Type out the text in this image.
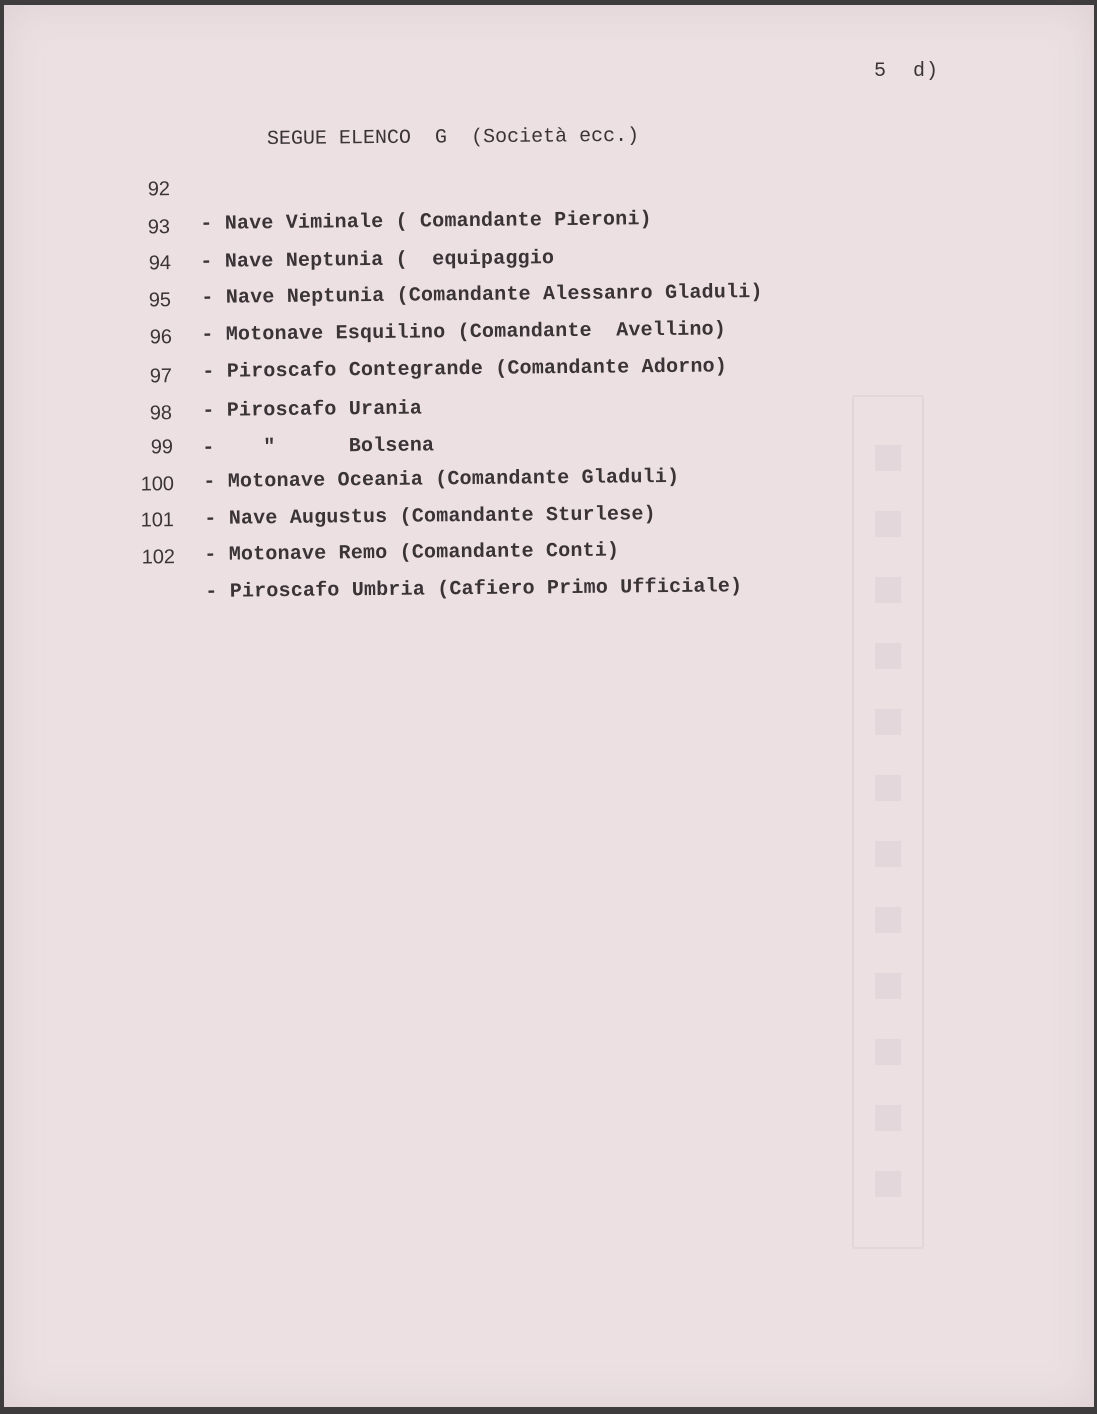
5  d)
SEGUE ELENCO  G  (Società ecc.)

92

- Nave Viminale ( Comandante Pieroni)

93

- Nave Neptunia (  equipaggio

94

- Nave Neptunia (Comandante Alessanro Gladuli)

95

- Motonave Esquilino (Comandante  Avellino)

96

- Piroscafo Contegrande (Comandante Adorno)

97

- Piroscafo Urania

98

-    "      Bolsena

99

- Motonave Oceania (Comandante Gladuli)

100

- Nave Augustus (Comandante Sturlese)

101

- Motonave Remo (Comandante Conti)

102

- Piroscafo Umbria (Cafiero Primo Ufficiale)
■■■■■■■■■■■■
